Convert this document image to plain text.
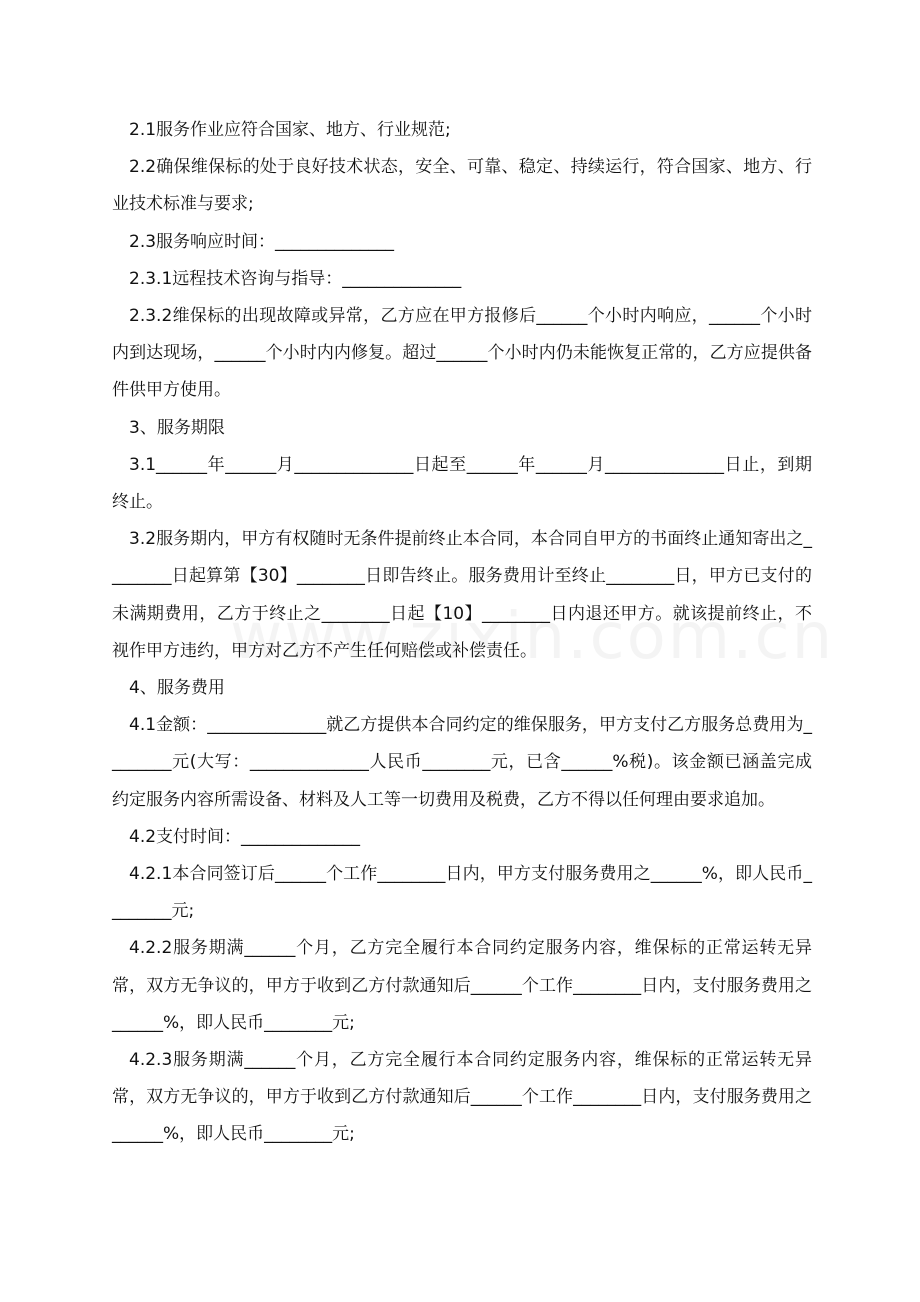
2.1服务作业应符合国家、地方、行业规范;

2.2确保维保标的处于良好技术状态，安全、可靠、稳定、持续运行，符合国家、地方、行业技术标准与要求;

2.3服务响应时间：______________

2.3.1远程技术咨询与指导：______________

2.3.2维保标的出现故障或异常，乙方应在甲方报修后______个小时内响应，______个小时内到达现场，______个小时内内修复。超过______个小时内仍未能恢复正常的，乙方应提供备件供甲方使用。

3、服务期限

3.1______年______月______________日起至______年______月______________日止，到期终止。

3.2服务期内，甲方有权随时无条件提前终止本合同，本合同自甲方的书面终止通知寄出之________日起算第【30】________日即告终止。服务费用计至终止________日，甲方已支付的未满期费用，乙方于终止之________日起【10】________日内退还甲方。就该提前终止，不视作甲方违约，甲方对乙方不产生任何赔偿或补偿责任。

4、服务费用

4.1金额：______________就乙方提供本合同约定的维保服务，甲方支付乙方服务总费用为________元(大写：______________人民币________元，已含______%税)。该金额已涵盖完成约定服务内容所需设备、材料及人工等一切费用及税费，乙方不得以任何理由要求追加。

4.2支付时间：______________

4.2.1本合同签订后______个工作________日内，甲方支付服务费用之______%，即人民币________元;

4.2.2服务期满______个月，乙方完全履行本合同约定服务内容，维保标的正常运转无异常，双方无争议的，甲方于收到乙方付款通知后______个工作________日内，支付服务费用之______%，即人民币________元;

4.2.3服务期满______个月，乙方完全履行本合同约定服务内容，维保标的正常运转无异常，双方无争议的，甲方于收到乙方付款通知后______个工作________日内，支付服务费用之______%，即人民币________元;
